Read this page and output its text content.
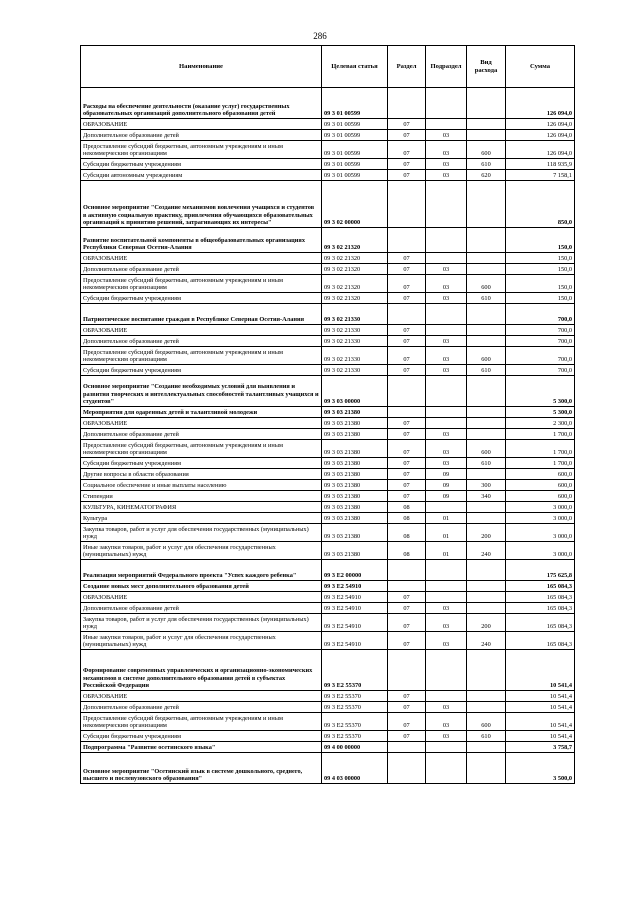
286
Наименование	Целевая статья	Раздел	Подраздел	Вид расхода	Сумма
Расходы на обеспечение деятельности (оказание услуг) государственных образовательных организаций дополнительного образования детей	09 3 01 00599				126 094,0
ОБРАЗОВАНИЕ	09 3 01 00599	07			126 094,0
Дополнительное образование детей	09 3 01 00599	07	03		126 094,0
Предоставление субсидий бюджетным, автономным учреждениям и иным некоммерческим организациям	09 3 01 00599	07	03	600	126 094,0
Субсидии бюджетным учреждениям	09 3 01 00599	07	03	610	118 935,9
Субсидии автономным учреждениям	09 3 01 00599	07	03	620	7 158,1
Основное мероприятие "Создание механизмов вовлечения учащихся и студентов в активную социальную практику, привлечения обучающихся образовательных организаций к принятию решений, затрагивающих их интересы"	09 3 02 00000				850,0
Развитие воспитательной компоненты в общеобразовательных организациях Республики Северная Осетия-Алания	09 3 02 21320				150,0
ОБРАЗОВАНИЕ	09 3 02 21320	07			150,0
Дополнительное образование детей	09 3 02 21320	07	03		150,0
Предоставление субсидий бюджетным, автономным учреждениям и иным некоммерческим организациям	09 3 02 21320	07	03	600	150,0
Субсидии бюджетным учреждениям	09 3 02 21320	07	03	610	150,0
Патриотическое воспитание граждан в Республике Северная Осетия-Алания	09 3 02 21330				700,0
ОБРАЗОВАНИЕ	09 3 02 21330	07			700,0
Дополнительное образование детей	09 3 02 21330	07	03		700,0
Предоставление субсидий бюджетным, автономным учреждениям и иным некоммерческим организациям	09 3 02 21330	07	03	600	700,0
Субсидии бюджетным учреждениям	09 3 02 21330	07	03	610	700,0
Основное мероприятие "Создание необходимых условий для выявления и развития творческих и интеллектуальных способностей талантливых учащихся и студентов"	09 3 03 00000				5 300,0
Мероприятия для одаренных детей и талантливой молодежи	09 3 03 21380				5 300,0
ОБРАЗОВАНИЕ	09 3 03 21380	07			2 300,0
Дополнительное образование детей	09 3 03 21380	07	03		1 700,0
Предоставление субсидий бюджетным, автономным учреждениям и иным некоммерческим организациям	09 3 03 21380	07	03	600	1 700,0
Субсидии бюджетным учреждениям	09 3 03 21380	07	03	610	1 700,0
Другие вопросы в области образования	09 3 03 21380	07	09		600,0
Социальное обеспечение и иные выплаты населению	09 3 03 21380	07	09	300	600,0
Стипендии	09 3 03 21380	07	09	340	600,0
КУЛЬТУРА, КИНЕМАТОГРАФИЯ	09 3 03 21380	08			3 000,0
Культура	09 3 03 21380	08	01		3 000,0
Закупка товаров, работ и услуг для обеспечения государственных (муниципальных) нужд	09 3 03 21380	08	01	200	3 000,0
Иные закупки товаров, работ и услуг для обеспечения государственных (муниципальных) нужд	09 3 03 21380	08	01	240	3 000,0
Реализация мероприятий Федерального проекта "Успех каждого ребенка"	09 3 E2 00000				175 625,8
Создание новых мест дополнительного образования детей	09 3 E2 54910				165 084,3
ОБРАЗОВАНИЕ	09 3 E2 54910	07			165 084,3
Дополнительное образование детей	09 3 E2 54910	07	03		165 084,3
Закупка товаров, работ и услуг для обеспечения государственных (муниципальных) нужд	09 3 E2 54910	07	03	200	165 084,3
Иные закупки товаров, работ и услуг для обеспечения государственных (муниципальных) нужд	09 3 E2 54910	07	03	240	165 084,3
Формирование современных управленческих и организационно-экономических механизмов в системе дополнительного образования детей в субъектах Российской Федерации	09 3 E2 55370				10 541,4
ОБРАЗОВАНИЕ	09 3 E2 55370	07			10 541,4
Дополнительное образование детей	09 3 E2 55370	07	03		10 541,4
Предоставление субсидий бюджетным, автономным учреждениям и иным некоммерческим организациям	09 3 E2 55370	07	03	600	10 541,4
Субсидии бюджетным учреждениям	09 3 E2 55370	07	03	610	10 541,4
Подпрограмма "Развитие осетинского языка"	09 4 00 00000				3 758,7
Основное мероприятие "Осетинский язык в системе дошкольного, среднего, высшего и послевузовского образования"	09 4 03 00000				3 500,0
